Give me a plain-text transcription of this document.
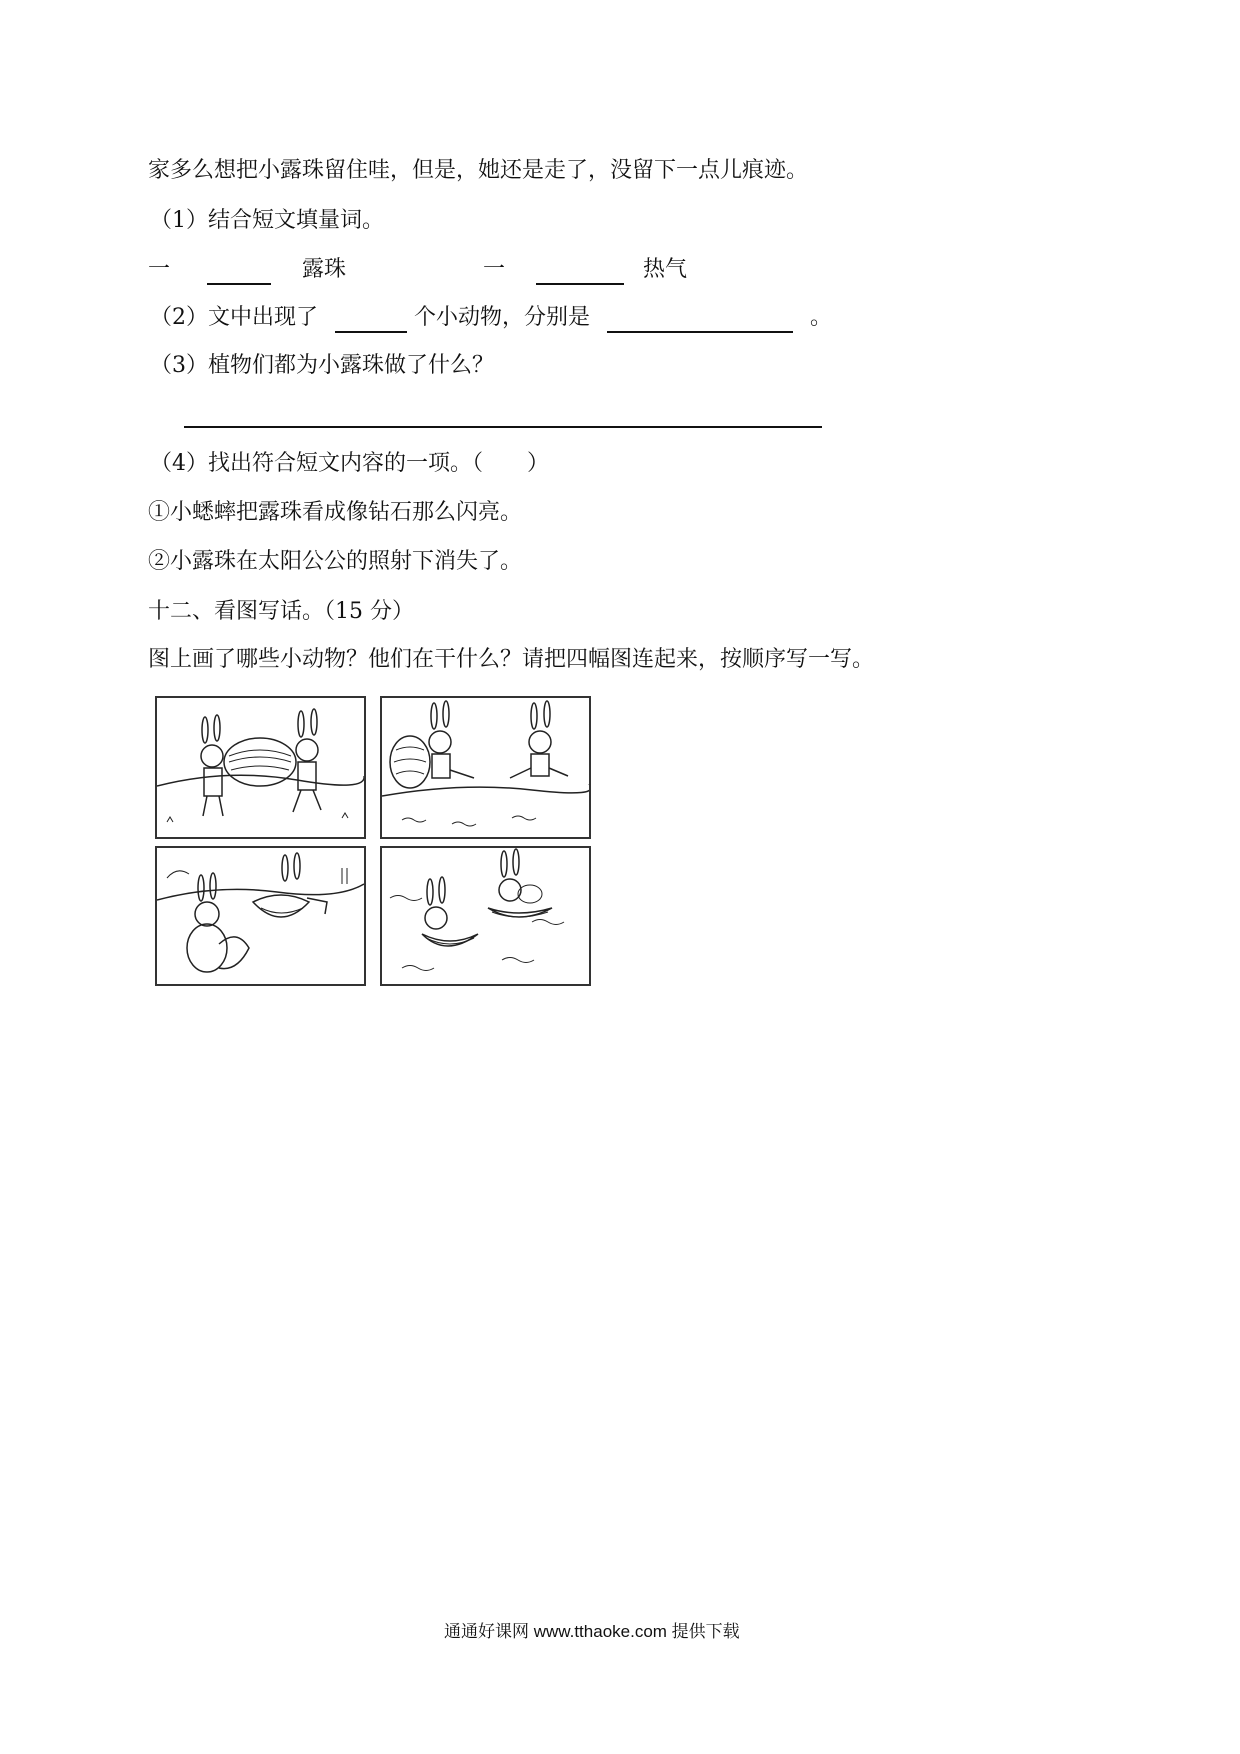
家多么想把小露珠留住哇，但是，她还是走了，没留下一点儿痕迹。
（1）结合短文填量词。
一	露珠	一	热气
（2）文中出现了	个小动物，分别是	。
（3）植物们都为小露珠做了什么？
（4）找出符合短文内容的一项。（　　）
①小蟋蟀把露珠看成像钻石那么闪亮。
②小露珠在太阳公公的照射下消失了。
十二、看图写话。（15 分）
图上画了哪些小动物？他们在干什么？请把四幅图连起来，按顺序写一写。
通通好课网 www.tthaoke.com 提供下载
